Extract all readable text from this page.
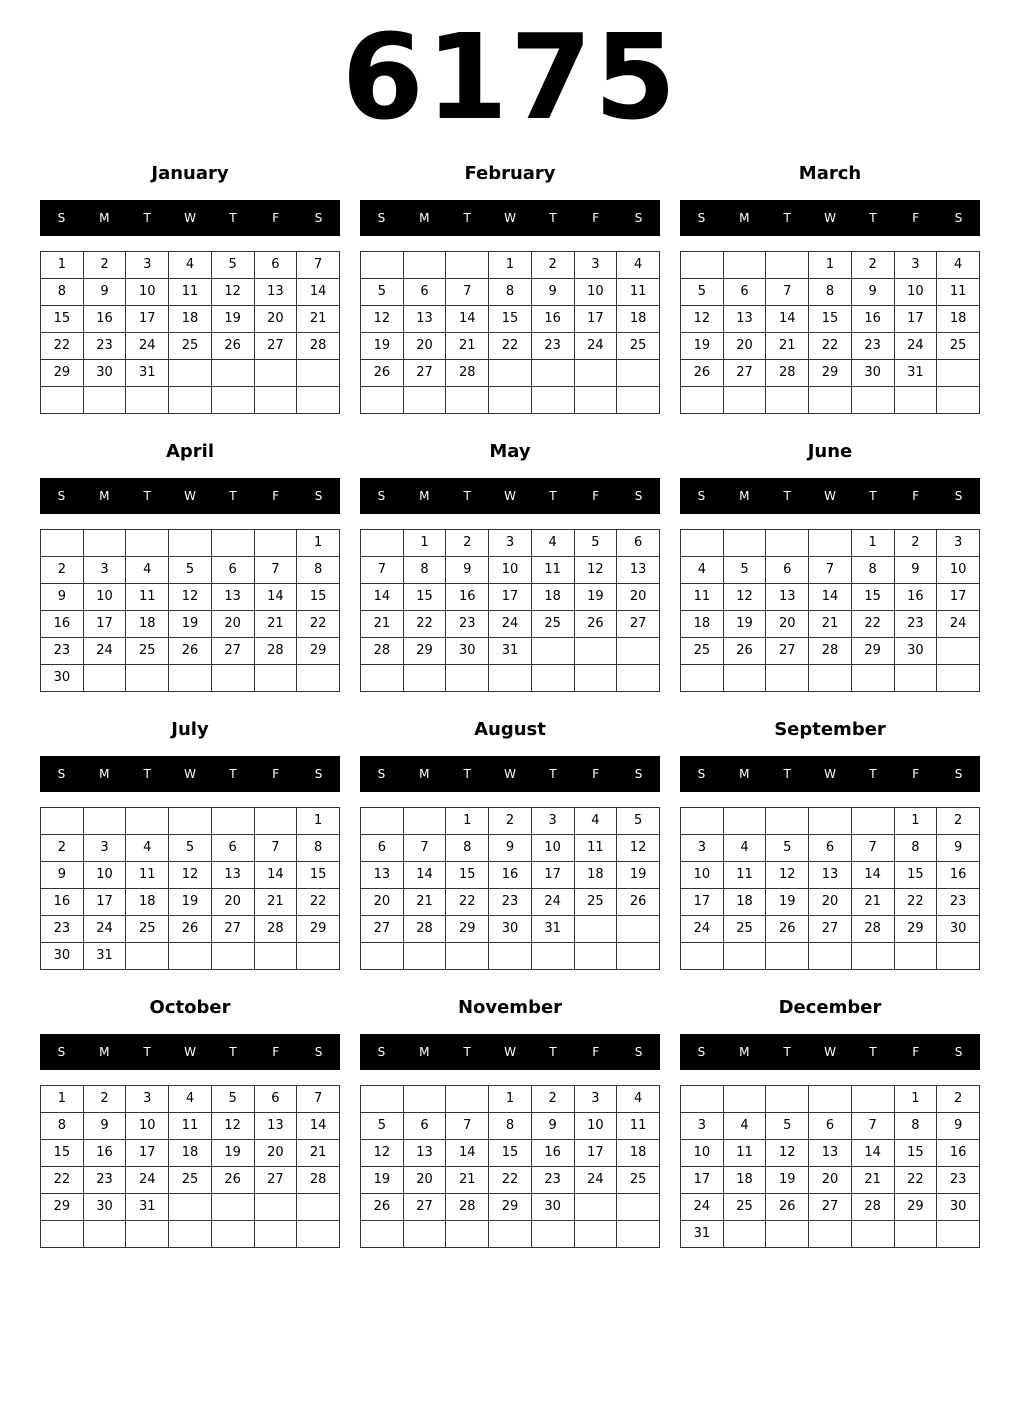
6175
January
S	M	T	W	T	F	S
1	2	3	4	5	6	7
8	9	10	11	12	13	14
15	16	17	18	19	20	21
22	23	24	25	26	27	28
29	30	31				

February
S	M	T	W	T	F	S
			1	2	3	4
5	6	7	8	9	10	11
12	13	14	15	16	17	18
19	20	21	22	23	24	25
26	27	28				

March
S	M	T	W	T	F	S
			1	2	3	4
5	6	7	8	9	10	11
12	13	14	15	16	17	18
19	20	21	22	23	24	25
26	27	28	29	30	31	

April
S	M	T	W	T	F	S
						1
2	3	4	5	6	7	8
9	10	11	12	13	14	15
16	17	18	19	20	21	22
23	24	25	26	27	28	29
30						
May
S	M	T	W	T	F	S
	1	2	3	4	5	6
7	8	9	10	11	12	13
14	15	16	17	18	19	20
21	22	23	24	25	26	27
28	29	30	31			

June
S	M	T	W	T	F	S
				1	2	3
4	5	6	7	8	9	10
11	12	13	14	15	16	17
18	19	20	21	22	23	24
25	26	27	28	29	30	

July
S	M	T	W	T	F	S
						1
2	3	4	5	6	7	8
9	10	11	12	13	14	15
16	17	18	19	20	21	22
23	24	25	26	27	28	29
30	31					
August
S	M	T	W	T	F	S
		1	2	3	4	5
6	7	8	9	10	11	12
13	14	15	16	17	18	19
20	21	22	23	24	25	26
27	28	29	30	31		

September
S	M	T	W	T	F	S
					1	2
3	4	5	6	7	8	9
10	11	12	13	14	15	16
17	18	19	20	21	22	23
24	25	26	27	28	29	30

October
S	M	T	W	T	F	S
1	2	3	4	5	6	7
8	9	10	11	12	13	14
15	16	17	18	19	20	21
22	23	24	25	26	27	28
29	30	31				

November
S	M	T	W	T	F	S
			1	2	3	4
5	6	7	8	9	10	11
12	13	14	15	16	17	18
19	20	21	22	23	24	25
26	27	28	29	30		

December
S	M	T	W	T	F	S
					1	2
3	4	5	6	7	8	9
10	11	12	13	14	15	16
17	18	19	20	21	22	23
24	25	26	27	28	29	30
31						
